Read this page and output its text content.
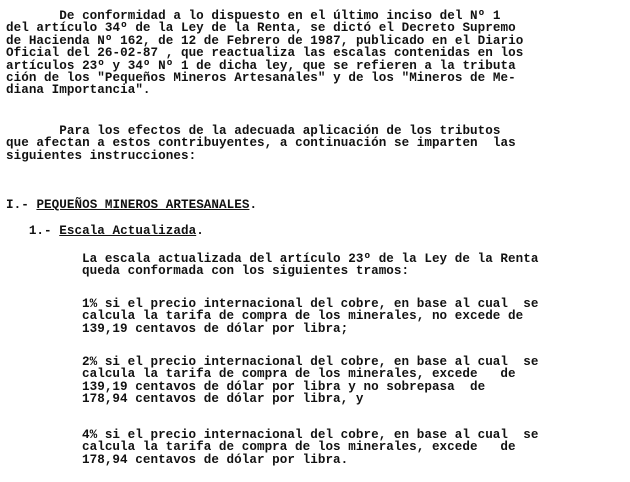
De conformidad a lo dispuesto en el último inciso del Nº 1

del artículo 34º de la Ley de la Renta, se dictó el Decreto Supremo

de Hacienda Nº 162, de 12 de Febrero de 1987, publicado en el Diario

Oficial del 26-02-87 , que reactualiza las escalas contenidas en los

artículos 23º y 34º Nº 1 de dicha ley, que se refieren a la tributa

ción de los "Pequeños Mineros Artesanales" y de los "Mineros de Me-

diana Importancia".

Para los efectos de la adecuada aplicación de los tributos

que afectan a estos contribuyentes, a continuación se imparten  las

siguientes instrucciones:

I.- PEQUEÑOS MINEROS ARTESANALES.

1.- Escala Actualizada.

La escala actualizada del artículo 23º de la Ley de la Renta

queda conformada con los siguientes tramos:

1% si el precio internacional del cobre, en base al cual  se

calcula la tarifa de compra de los minerales, no excede de

139,19 centavos de dólar por libra;

2% si el precio internacional del cobre, en base al cual  se

calcula la tarifa de compra de los minerales, excede   de

139,19 centavos de dólar por libra y no sobrepasa  de

178,94 centavos de dólar por libra, y

4% si el precio internacional del cobre, en base al cual  se

calcula la tarifa de compra de los minerales, excede   de

178,94 centavos de dólar por libra.
